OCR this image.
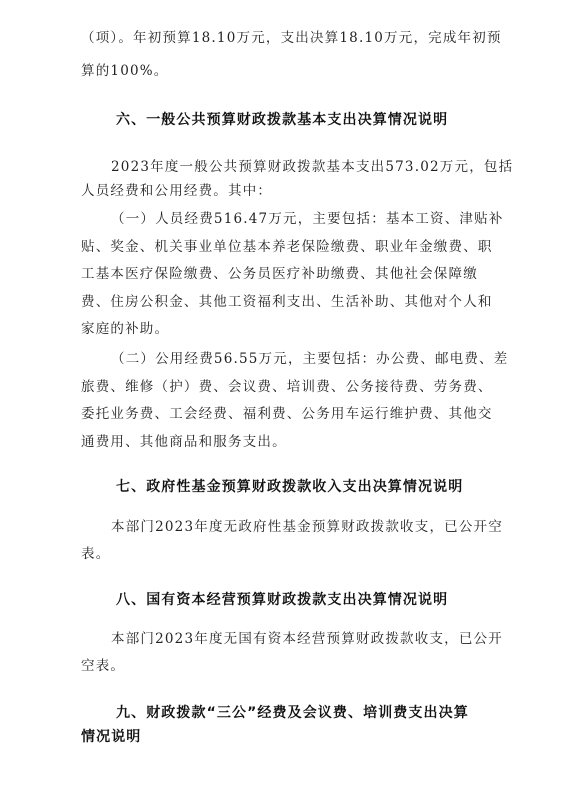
（项）。年初预算18.10万元，支出决算18.10万元，完成年初预
算的100%。
六、一般公共预算财政拨款基本支出决算情况说明
2023年度一般公共预算财政拨款基本支出573.02万元，包括
人员经费和公用经费。其中：
（一）人员经费516.47万元，主要包括：基本工资、津贴补
贴、奖金、机关事业单位基本养老保险缴费、职业年金缴费、职
工基本医疗保险缴费、公务员医疗补助缴费、其他社会保障缴
费、住房公积金、其他工资福利支出、生活补助、其他对个人和
家庭的补助。
（二）公用经费56.55万元，主要包括：办公费、邮电费、差
旅费、维修（护）费、会议费、培训费、公务接待费、劳务费、
委托业务费、工会经费、福利费、公务用车运行维护费、其他交
通费用、其他商品和服务支出。
七、政府性基金预算财政拨款收入支出决算情况说明
本部门2023年度无政府性基金预算财政拨款收支，已公开空
表。
八、国有资本经营预算财政拨款支出决算情况说明
本部门2023年度无国有资本经营预算财政拨款收支，已公开
空表。
九、财政拨款“三公”经费及会议费、培训费支出决算
情况说明
